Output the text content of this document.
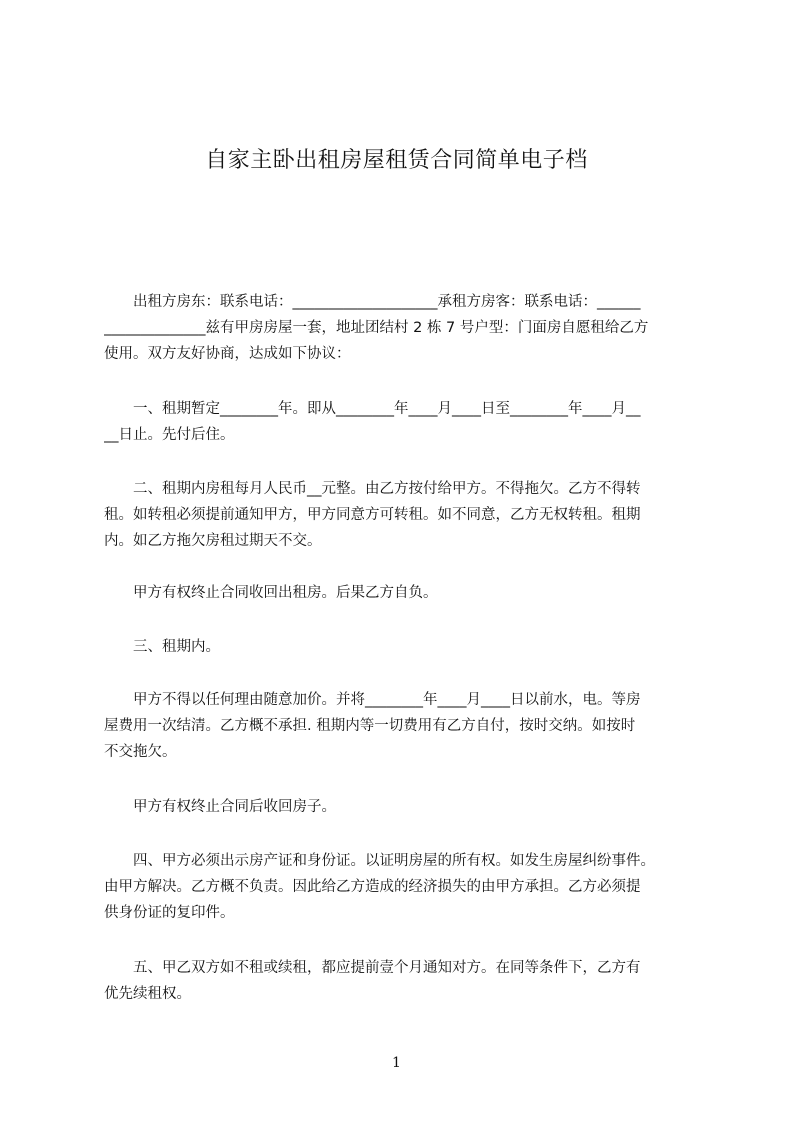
自家主卧出租房屋租赁合同简单电子档
　　出租方房东：联系电话：____________________承租方房客：联系电话：______
______________兹有甲房房屋一套，地址团结村 2 栋 7 号户型：门面房自愿租给乙方
使用。双方友好协商，达成如下协议：
　　一、租期暂定________年。即从________年____月____日至________年____月__
__日止。先付后住。
　　二、租期内房租每月人民币__元整。由乙方按付给甲方。不得拖欠。乙方不得转
租。如转租必须提前通知甲方，甲方同意方可转租。如不同意，乙方无权转租。租期
内。如乙方拖欠房租过期天不交。
　　甲方有权终止合同收回出租房。后果乙方自负。
　　三、租期内。
　　甲方不得以任何理由随意加价。并将________年____月____日以前水，电。等房
屋费用一次结清。乙方概不承担. 租期内等一切费用有乙方自付，按时交纳。如按时
不交拖欠。
　　甲方有权终止合同后收回房子。
　　四、甲方必须出示房产证和身份证。以证明房屋的所有权。如发生房屋纠纷事件。
由甲方解决。乙方概不负责。因此给乙方造成的经济损失的由甲方承担。乙方必须提
供身份证的复印件。
　　五、甲乙双方如不租或续租，都应提前壹个月通知对方。在同等条件下，乙方有
优先续租权。
1
